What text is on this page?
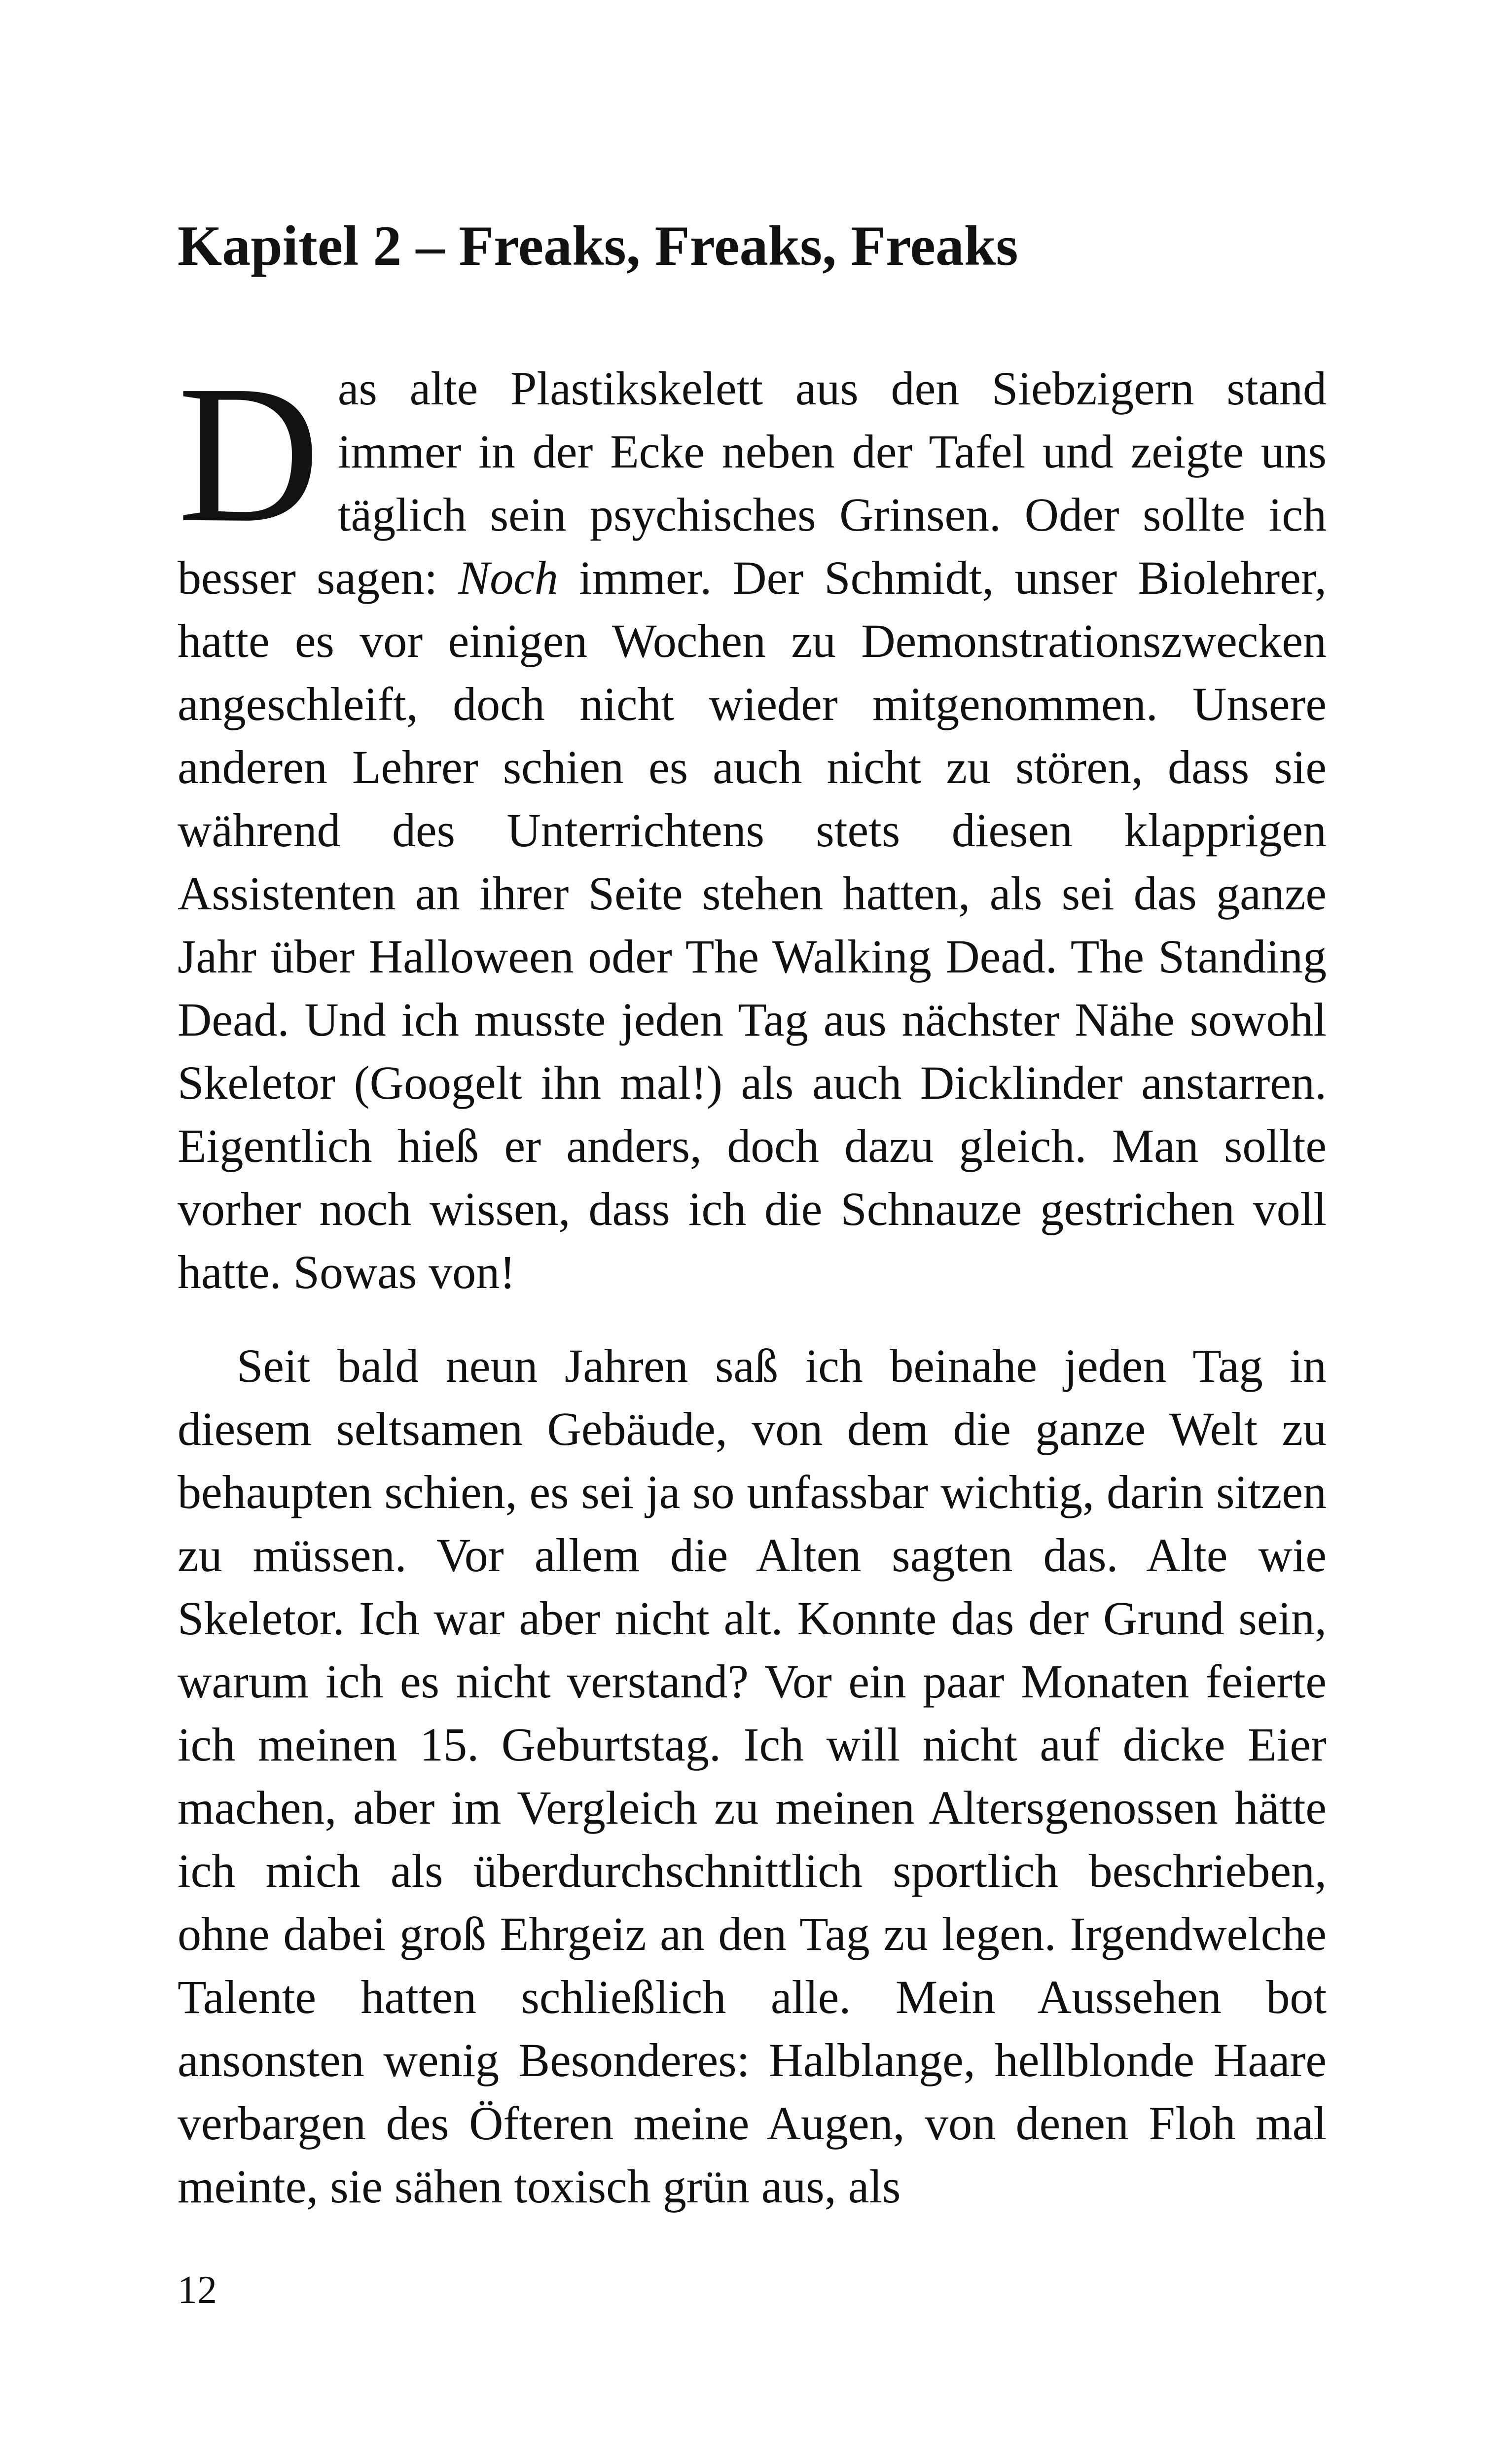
Kapitel 2 – Freaks, Freaks, Freaks

Das alte Plastikskelett aus den Siebzigern stand immer in der Ecke neben der Tafel und zeigte uns täglich sein psychisches Grinsen. Oder sollte ich besser sagen: Noch immer. Der Schmidt, unser Biolehrer, hatte es vor einigen Wochen zu Demonstrationszwecken angeschleift, doch nicht wieder mitgenommen. Unsere anderen Lehrer schien es auch nicht zu stören, dass sie während des Unterrichtens stets diesen klapprigen Assistenten an ihrer Seite stehen hatten, als sei das ganze Jahr über Halloween oder The Walking Dead. The Standing Dead. Und ich musste jeden Tag aus nächster Nähe sowohl Skeletor (Googelt ihn mal!) als auch Dicklinder anstarren. Eigentlich hieß er anders, doch dazu gleich. Man sollte vorher noch wissen, dass ich die Schnauze gestrichen voll hatte. Sowas von!

Seit bald neun Jahren saß ich beinahe jeden Tag in diesem seltsamen Gebäude, von dem die ganze Welt zu behaupten schien, es sei ja so unfassbar wichtig, darin sitzen zu müssen. Vor allem die Alten sagten das. Alte wie Skeletor. Ich war aber nicht alt. Konnte das der Grund sein, warum ich es nicht verstand? Vor ein paar Monaten feierte ich meinen 15. Geburtstag. Ich will nicht auf dicke Eier machen, aber im Vergleich zu meinen Altersgenossen hätte ich mich als überdurchschnittlich sportlich beschrieben, ohne dabei groß Ehrgeiz an den Tag zu legen. Irgendwelche Talente hatten schließlich alle. Mein Aussehen bot ansonsten wenig Besonderes: Halblange, hellblonde Haare verbargen des Öfteren meine Augen, von denen Floh mal meinte, sie sähen toxisch grün aus, als

12
